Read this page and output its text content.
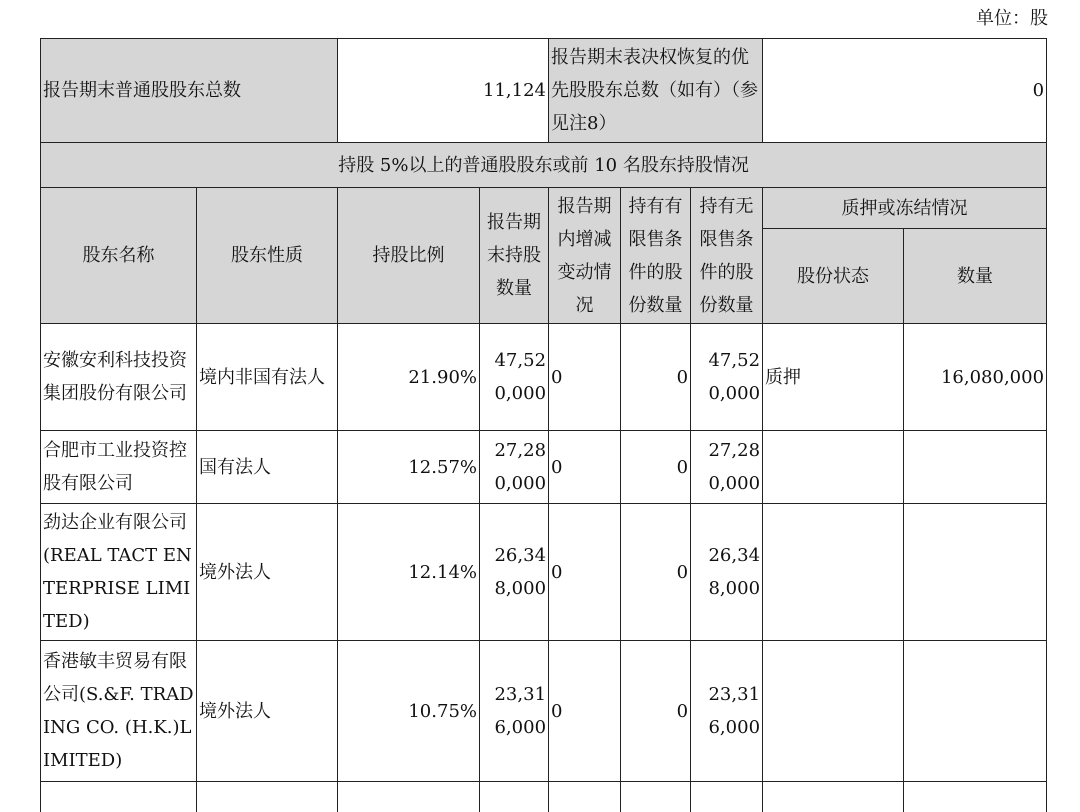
单位：股
报告期末普通股股东总数		11,124		报告期末表决权恢复的优先股股东总数（如有）（参见注8）			0	
持股 5%以上的普通股股东或前 10 名股东持股情况								
股东名称	股东性质	持股比例	报告期末持股数量	报告期内增减变动情况	持有有限售条件的股份数量	持有无限售条件的股份数量	质押或冻结情况	
							股份状态	数量
安徽安利科技投资集团股份有限公司	境内非国有法人	21.90%	47,520,000	0	0	47,520,000	质押	16,080,000
合肥市工业投资控股有限公司	国有法人	12.57%	27,280,000	0	0	27,280,000		
劲达企业有限公司(REAL TACT ENTERPRISE LIMITED)	境外法人	12.14%	26,348,000	0	0	26,348,000		
香港敏丰贸易有限公司(S.&F. TRADING CO. (H.K.)LIMITED)	境外法人	10.75%	23,316,000	0	0	23,316,000		
